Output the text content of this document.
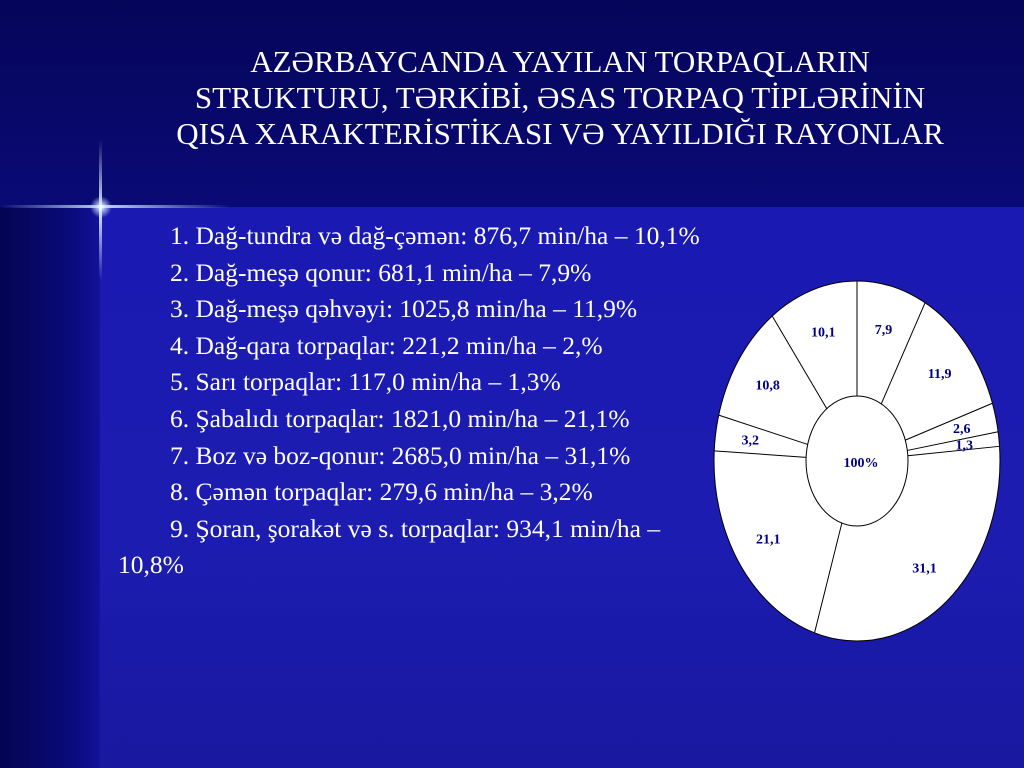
AZƏRBAYCANDA YAYILAN TORPAQLARIN
STRUKTURU, TƏRKİBİ, ƏSAS TORPAQ TİPLƏRİNİN
QISA XARAKTERİSTİKASI VƏ YAYILDIĞI RAYONLAR
1. Dağ-tundra və dağ-çəmən: 876,7 min/ha – 10,1%
2. Dağ-meşə qonur: 681,1 min/ha – 7,9%
3. Dağ-meşə qəhvəyi: 1025,8 min/ha – 11,9%
4. Dağ-qara torpaqlar: 221,2 min/ha – 2,%
5. Sarı torpaqlar: 117,0 min/ha – 1,3%
6. Şabalıdı torpaqlar: 1821,0 min/ha – 21,1%
7. Boz və boz-qonur: 2685,0 min/ha – 31,1%
8. Çəmən torpaqlar: 279,6 min/ha – 3,2%
9. Şoran, şorakət və s. torpaqlar: 934,1 min/ha – 10,8%
100%
7,9
11,9
2,6
1,3
31,1
21,1
3,2
10,8
10,1
